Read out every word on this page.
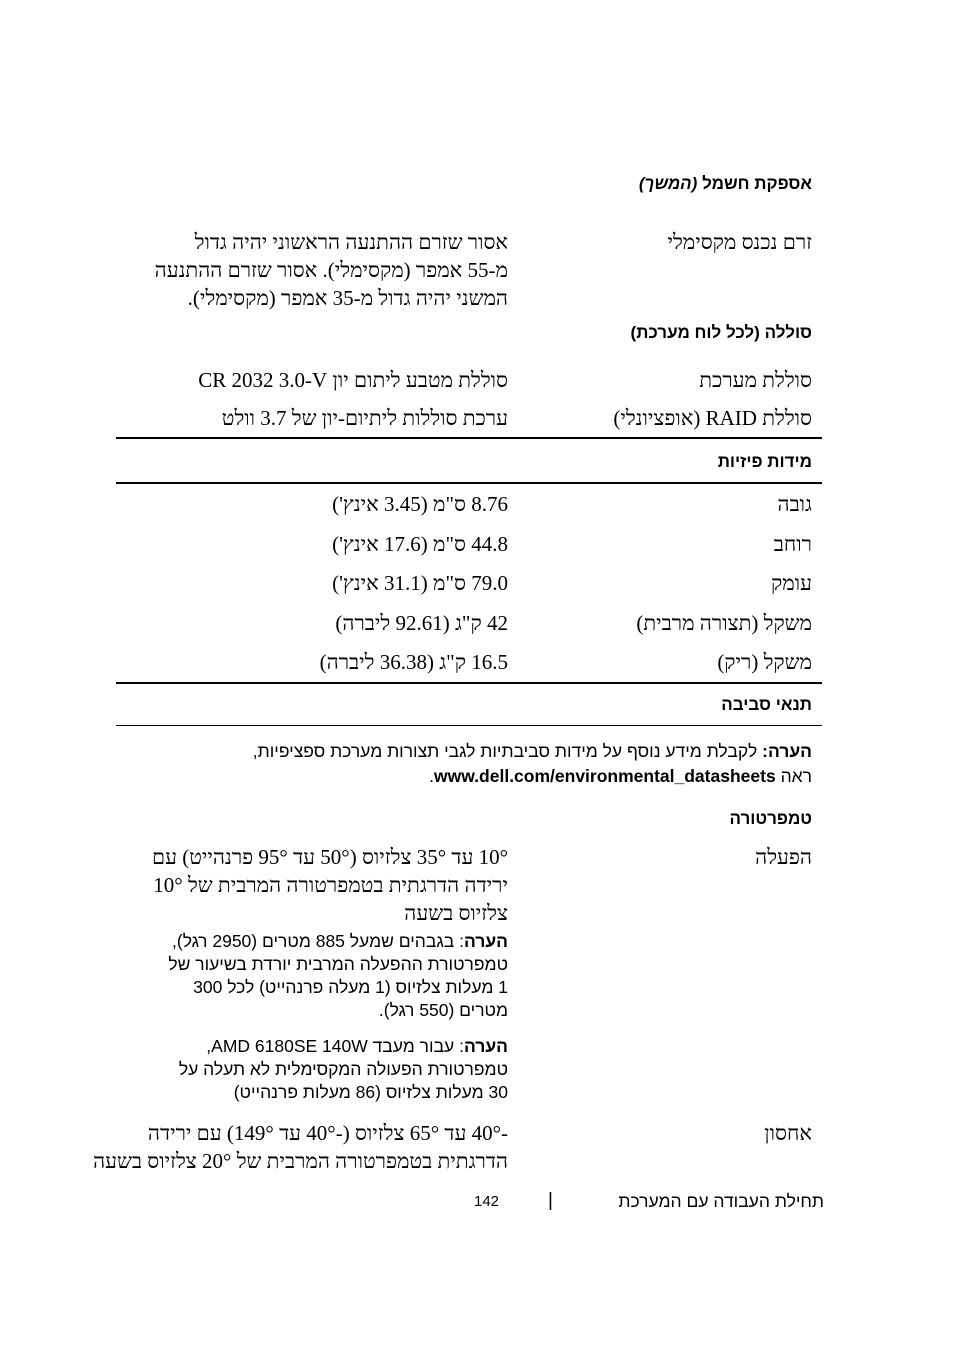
אספקת חשמל (המשך)
זרם נכנס מקסימלי
אסור שזרם ההתנעה הראשוני יהיה גדול
מ-55 אמפר (מקסימלי). אסור שזרם ההתנעה
המשני יהיה גדול מ-35 אמפר (מקסימלי).
סוללה (לכל לוח מערכת)
סוללת מערכת
סוללת מטבע ליתום יון CR 2032 3.0-V
סוללת RAID (אופציונלי)
ערכת סוללות ליתיום-יון של 3.7 וולט
מידות פיזיות
גובה
8.76 ס"מ (3.45 אינץ')
רוחב
44.8 ס"מ (17.6 אינץ')
עומק
79.0 ס"מ (31.1 אינץ')
משקל (תצורה מרבית)
42 ק"ג (92.61 ליברה)
משקל (ריק)
16.5 ק"ג (36.38 ליברה)
תנאי סביבה
הערה: לקבלת מידע נוסף על מידות סביבתיות לגבי תצורות מערכת ספציפיות,
ראה www.dell.com/environmental_datasheets.
טמפרטורה
הפעלה
10° עד 35° צלזיוס (50° עד 95° פרנהייט) עם
ירידה הדרגתית בטמפרטורה המרבית של 10°
צלזיוס בשעה
הערה: בגבהים שמעל 885 מטרים (2950 רגל),
טמפרטורת ההפעלה המרבית יורדת בשיעור של
1 מעלות צלזיוס (1 מעלה פרנהייט) לכל 300
מטרים (550 רגל).
הערה: עבור מעבד AMD 6180SE 140W,
טמפרטורת הפעולה המקסימלית לא תעלה על
30 מעלות צלזיוס (86 מעלות פרנהייט)
אחסון
-40° עד 65° צלזיוס (-40° עד 149°) עם ירידה
הדרגתית בטמפרטורה המרבית של 20° צלזיוס בשעה
תחילת העבודה עם המערכת
|
142
